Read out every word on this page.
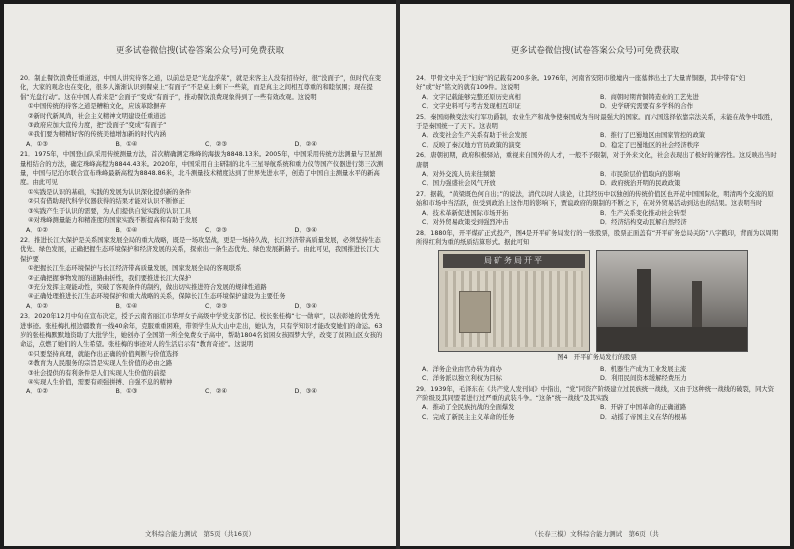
更多试卷微信搜(试卷答案公众号)可免费获取
20．制止餐饮浪费任重道远，中国人讲究待客之道，以前总是是“光盘浮菜”，就是来客主人没有招待好，很“没面子”，但时代在变化，大家的观念也在变化，很多人渐渐认识到餐桌上“有面子”不是桌上剩下一些菜，而是真主之间相互尊重的和睦氛围；现在提倡“光盘行动”。这在中国人看来是“会面子”变成“有面子”，推动餐饮浪费现象得到了一些有效改观。这说明
①中国传统的待客之道是糟粕文化，应该革除摒弃
②新时代新风尚，社会主义精神文明建设任重道远
③政府应加大宣传力度，把“没面子”变成“有面子”
④我们要为精精好客的传统美德增加新的时代内涵
A．①③	B．①④	C．②③	D．②④
21．1975年，中国登山队采用传统测量方法，首次精确测定珠峰的海拔为8848.13米。2005年，中国采用传统方法测量与卫星测量相结合的方法，确定珠峰高程为8844.43米。2020年，中国采用自主研制的北斗三星导航系统和重力仪等国产仪器进行第三次测量，中国与尼泊尔联合宣布珠峰最新高程为8848.86米，北斗测量技术精度达到了世界先进水平，创造了中国自主测量水平的新高度。由此可见
①实践是认识的基础，实践的发展为认识深化提供新的条件
②只有借助现代科学仪器获得的结果才能对认识不断修正
③实践产生于认识的需要，为人们提供自觉实践的认识工具
④对珠峰测量能力和精准度的国家实践不断提高和有助于发展
A．①②	B．①④	C．②③	D．③④
22．推进长江大保护是关系国家发展全局的重大战略，既是一场攻坚战，更是一场持久战，长江经济带高质量发展，必须坚持生态优先、绿色发展，正确把握生态环境保护和经济发展的关系，探索出一条生态优先、绿色发展新路子。由此可见，我国推进长江大保护要
①把握长江生态环境保护与长江经济带高质量发展，国家发展全局的客观联系
②正确把握事物发展的道路曲折性，我们要推进长江大保护
③充分发挥主观能动性，突破了客观条件的制约，做出切实推进符合发展的规律性道路
④正确处理推进长江生态环境保护和重大战略的关系，保障长江生态环境保护建设为主要任务
A．①②	B．①④	C．②③	D．③④
23．2020年12月中旬在宣布决定，授予云南省丽江市华坪女子高级中学党支部书记、校长张桂梅“七一勋章”，以表彰她的优秀先进事迹。张桂梅扎根边疆教育一线40余年，克服重重困难，带领学生从大山中走出，她认为，只有学知识才能改变她们的命运。63岁的张桂梅默默地资助了大批学生，她创办了全国第一所全免费女子高中，帮助1804名贫困女孩圆梦大学，改变了贫困山区女孩的命运，点燃了她们的人生希望。张桂梅的事迹对人的生活启示有“教育奇迹”。这说明
①只要坚持真理，就能作出正确的价值判断与价值选择
②教育为人民服务的宗旨是实现人生价值的必由之路
③社会提供的有利条件是人们实现人生价值的前提
④实现人生价值，需要有顽强拼搏、自强不息的精神
A．①②	B．①③	C．②④	D．③④
文科综合能力测试　第5页（共16页）
更多试卷微信搜(试卷答案公众号)可免费获取
24．甲骨文中关于“妇好”的记载有200多条。1976年，河南省安阳市殷墟内一座墓葬出土了大量青铜器，其中带有“妇好”或“好”铭文的就有109件。这说明
A．文字记载能够完整还原历史真相	B．商朝时期青铜铸造业的工艺先进
C．文字史料可与考古发现相互印证	D．史学研究需要有多学科的合作
25．秦国商鞅变法实行军功爵制，农业生产和战争使秦国成为当时最强大的国家。而六国选择依靠宗法关系，未能在战争中取胜，于是秦国统一了天下。这表明
A．改变社会生产关系有助于社会发展	B．推行了巴蜀地区由国家管控的政策
C．反映了秦汉地方官员政策的演变	D．稳定了巴蜀地区的社会经济秩序
26．唐朝初期，政府积极驿站，重视来自国外的人才，一般不予限制，对于外来文化，社会表现出了极好的兼容性。这反映出当时唐朝
A．对外交流人员来往频繁	B．市民阶层价值取向的影响
C．国力强盛社会风气开放	D．政府统治开明的民政政策
27．据载，“黄梁既色何自出；”的说法，清代以时人谈论，让其经历中以独创的传统价值区也开花中国国际化，明清两个交流的原始和市场中当活跃，但受到政治上这作用的影响下，贾谊政府的限制的不断之下，在对外贸易活动到达也的结果。这表明当时
A．技术革新促进国际市场开拓	B．生产关系变化推动社会转型
C．对外贸易政策受到强烈冲击	D．经济结构变动瓦解自然经济
28．1880年，开平煤矿正式投产，图4是开平矿务局发行的一张股票，股票正面盖有“开平矿务总局关防”八字戳印，背面为以周期所得红利为重的纸质结算形式。据此可知
局矿务局开平
图4　开平矿务局发行的股票
A．洋务企业由官办转为商办	B．机器生产成为工业发展主流
C．洋务派以独立利权为目标	D．利用民间资本缓解经费压力
29．1939年，毛泽东在《共产党人发刊词》中指出，“党”同资产阶级建立过民族统一战线，又由于这种统一战线的破裂，同大资产阶级及其同盟者进行过严重的武装斗争。“这条”统一战线”及其实践
A．推动了全民族抗战的全面爆发	B．开辟了中国革命的正确道路
C．完成了新民主主义革命的任务	D．动摇了帝国主义在华的根基
（长春三模）文科综合能力测试　第6页（共
